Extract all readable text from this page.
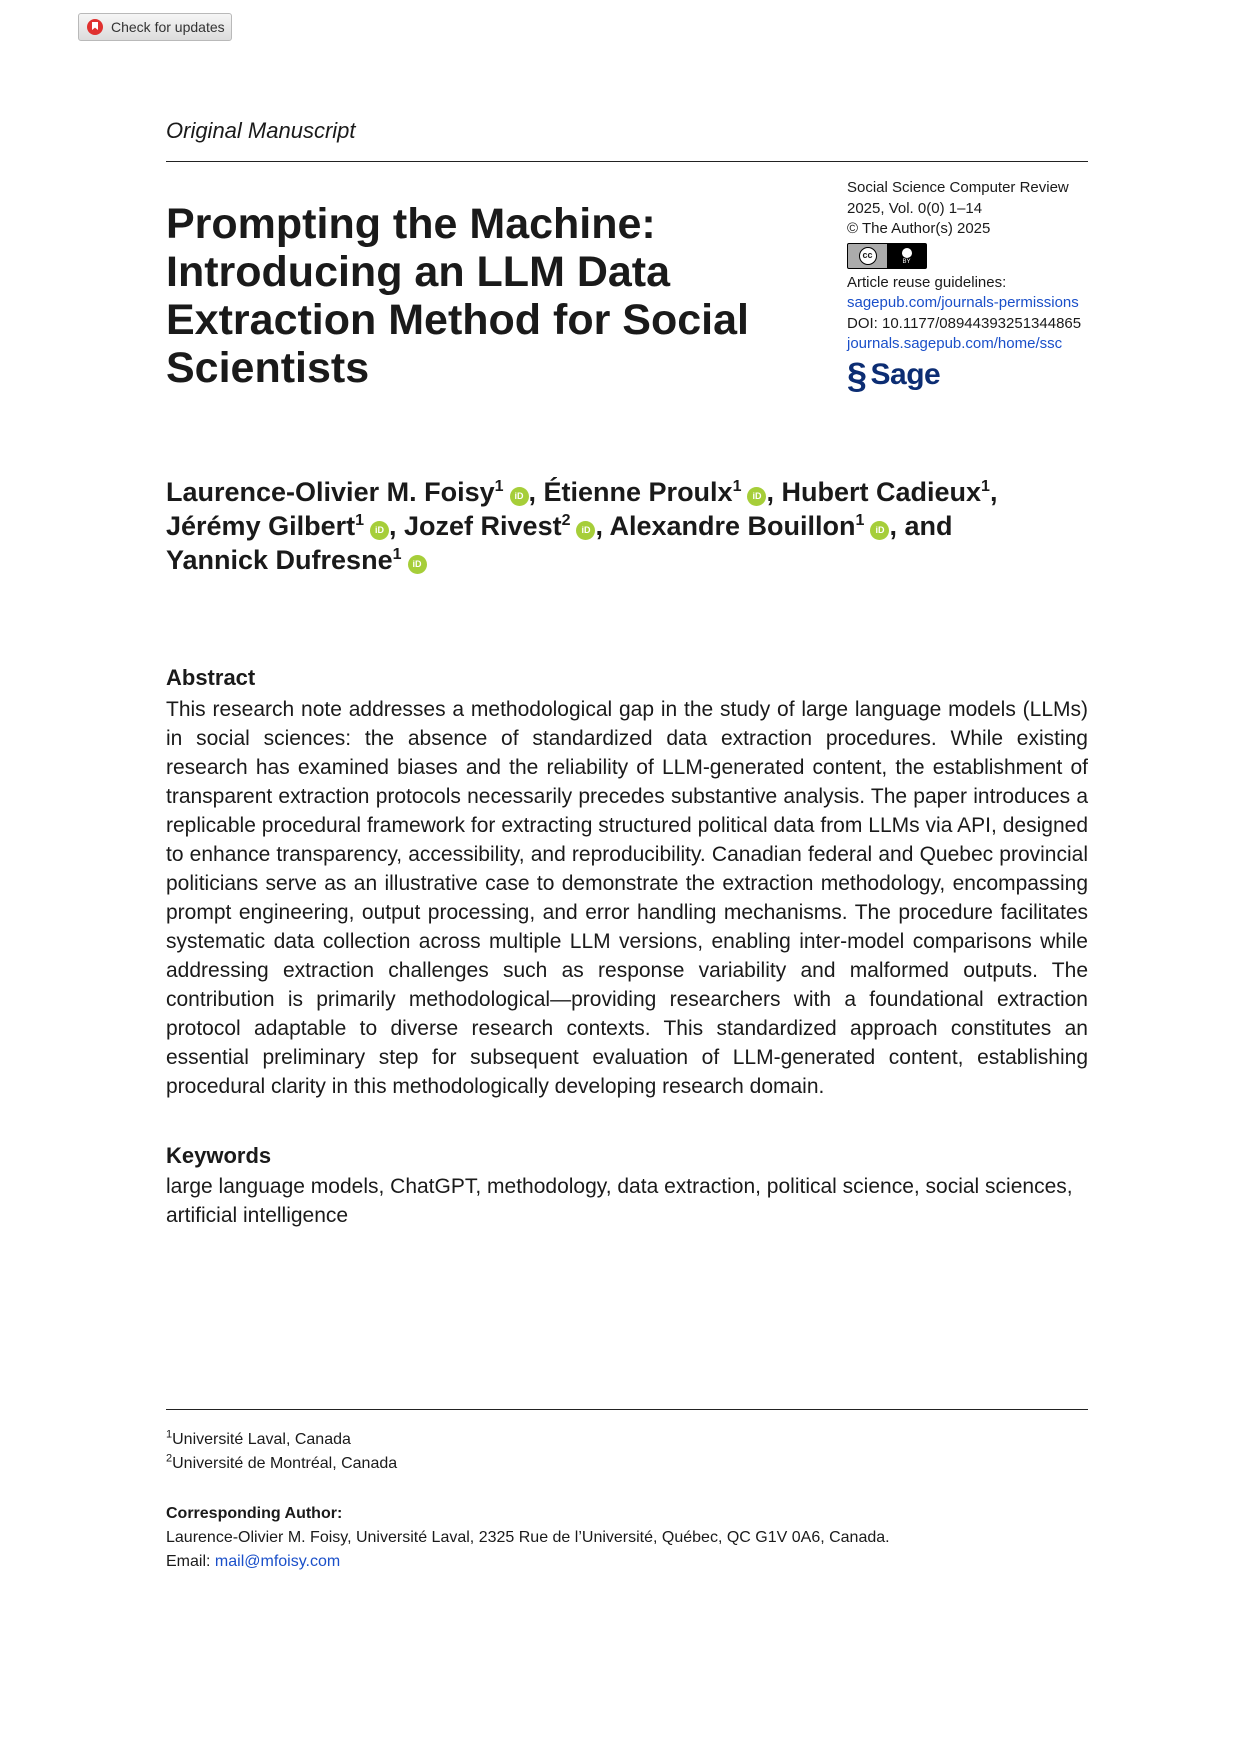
Check for updates
Original Manuscript
Prompting the Machine: Introducing an LLM Data Extraction Method for Social Scientists
Social Science Computer Review
2025, Vol. 0(0) 1–14
© The Author(s) 2025
cc
BY
Article reuse guidelines:
sagepub.com/journals-permissions
DOI: 10.1177/08944393251344865
journals.sagepub.com/home/ssc
§ Sage
Laurence-Olivier M. Foisy$^1$iD , Étienne Proulx$^1$iD , Hubert Cadieux$^1$,
Jérémy Gilbert$^1$iD , Jozef Rivest$^2$iD , Alexandre Bouillon$^1$iD , and
Yannick Dufresne$^1$iD
Abstract

This research note addresses a methodological gap in the study of large language models (LLMs) in social sciences: the absence of standardized data extraction procedures. While existing research has examined biases and the reliability of LLM-generated content, the establishment of transparent extraction protocols necessarily precedes substantive analysis. The paper introduces a replicable procedural framework for extracting structured political data from LLMs via API, designed to enhance transparency, accessibility, and reproducibility. Canadian federal and Quebec provincial politicians serve as an illustrative case to demonstrate the extraction methodology, encompassing prompt engineering, output processing, and error handling mechanisms. The procedure facilitates systematic data collection across multiple LLM versions, enabling inter-model comparisons while addressing extraction challenges such as response variability and malformed outputs. The contribution is primarily methodological—providing researchers with a foundational extraction protocol adaptable to diverse research contexts. This standardized approach constitutes an essential preliminary step for subsequent evaluation of LLM-generated content, establishing procedural clarity in this methodologically developing research domain.

Keywords

large language models, ChatGPT, methodology, data extraction, political science, social sciences, artificial intelligence

$^1$Université Laval, Canada
$^2$Université de Montréal, Canada
Corresponding Author:
Laurence-Olivier M. Foisy, Université Laval, 2325 Rue de l’Université, Québec, QC G1V 0A6, Canada.
Email: mail@mfoisy.com
